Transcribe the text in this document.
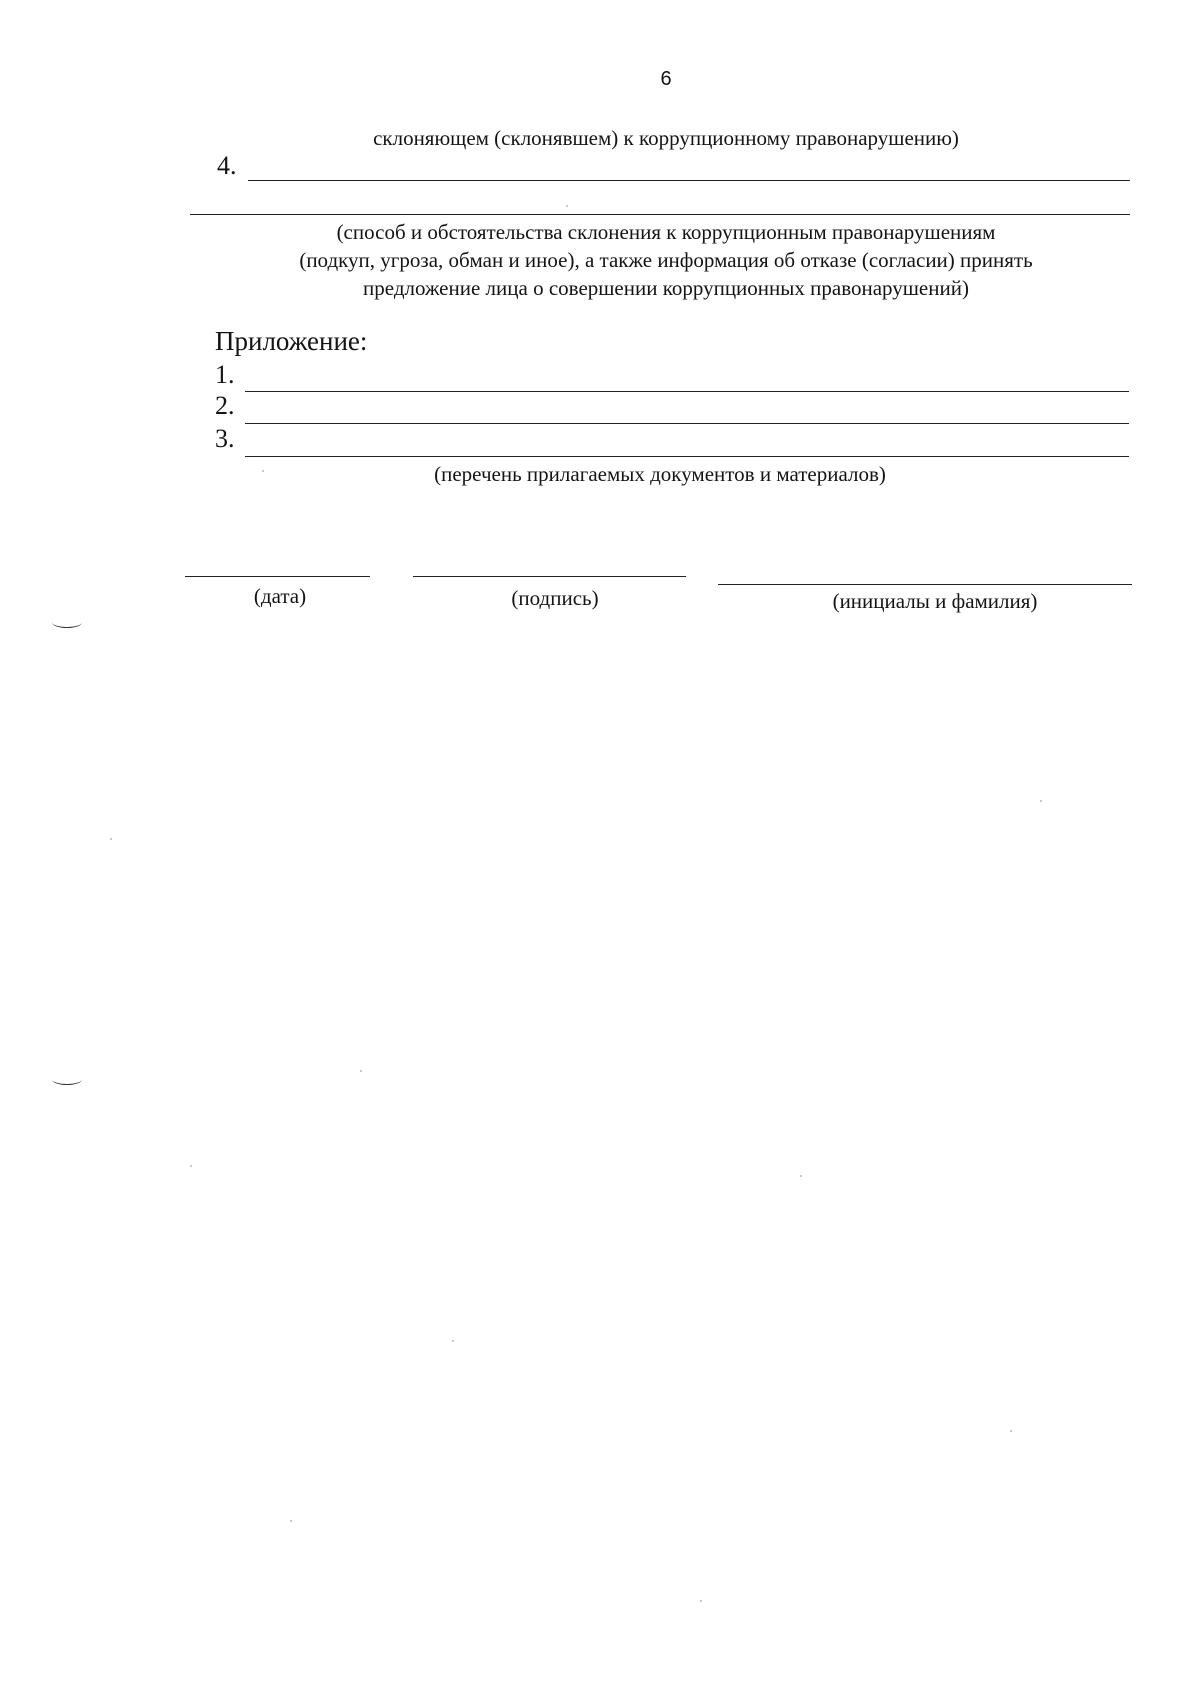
6
склоняющем (склонявшем) к коррупционному правонарушению)
4.
(способ и обстоятельства склонения к коррупционным правонарушениям
(подкуп, угроза, обман и иное), а также информация об отказе (согласии) принять
предложение лица о совершении коррупционных правонарушений)
Приложение:
1.
2.
3.
(перечень прилагаемых документов и материалов)
(дата)	(подпись)	(инициалы и фамилия)
